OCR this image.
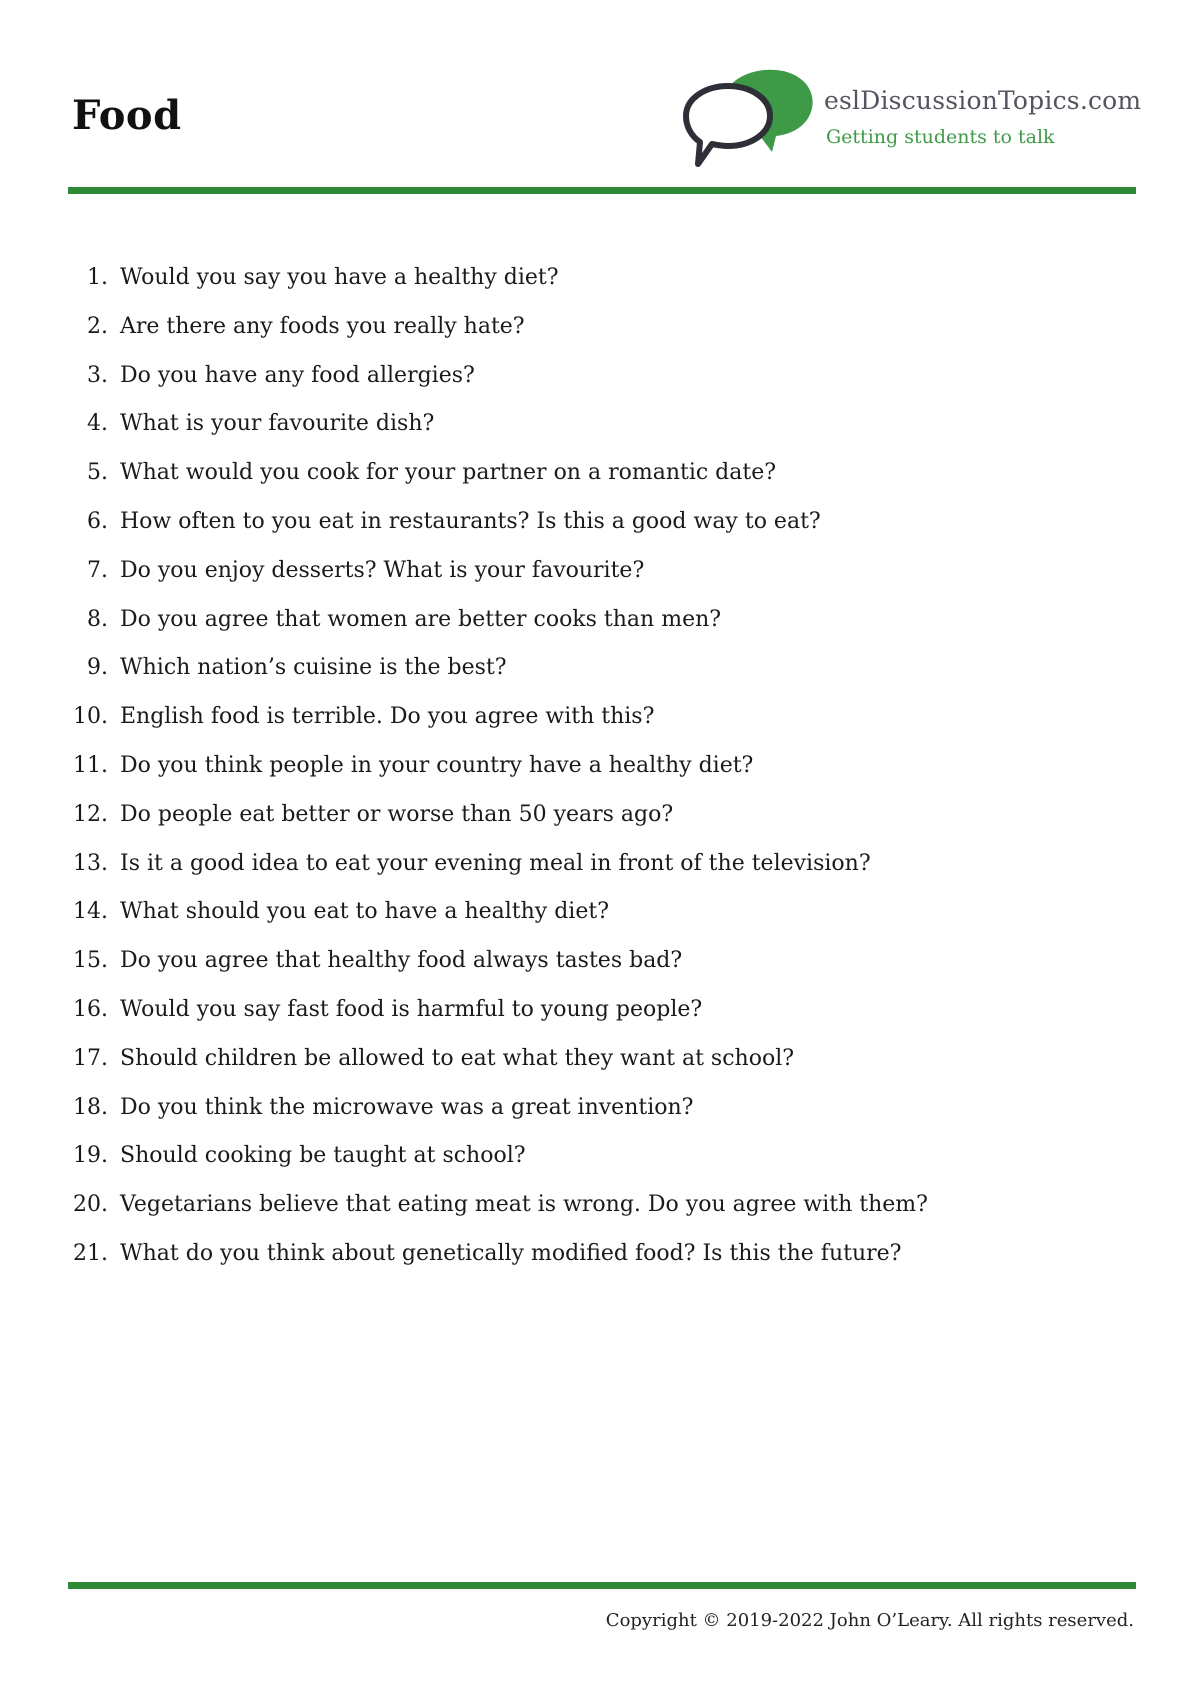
Food	eslDiscussionTopics.com
Getting students to talk
1. Would you say you have a healthy diet?
2. Are there any foods you really hate?
3. Do you have any food allergies?
4. What is your favourite dish?
5. What would you cook for your partner on a romantic date?
6. How often to you eat in restaurants? Is this a good way to eat?
7. Do you enjoy desserts? What is your favourite?
8. Do you agree that women are better cooks than men?
9. Which nation’s cuisine is the best?
10. English food is terrible. Do you agree with this?
11. Do you think people in your country have a healthy diet?
12. Do people eat better or worse than 50 years ago?
13. Is it a good idea to eat your evening meal in front of the television?
14. What should you eat to have a healthy diet?
15. Do you agree that healthy food always tastes bad?
16. Would you say fast food is harmful to young people?
17. Should children be allowed to eat what they want at school?
18. Do you think the microwave was a great invention?
19. Should cooking be taught at school?
20. Vegetarians believe that eating meat is wrong. Do you agree with them?
21. What do you think about genetically modified food? Is this the future?
Copyright © 2019-2022 John O’Leary. All rights reserved.
